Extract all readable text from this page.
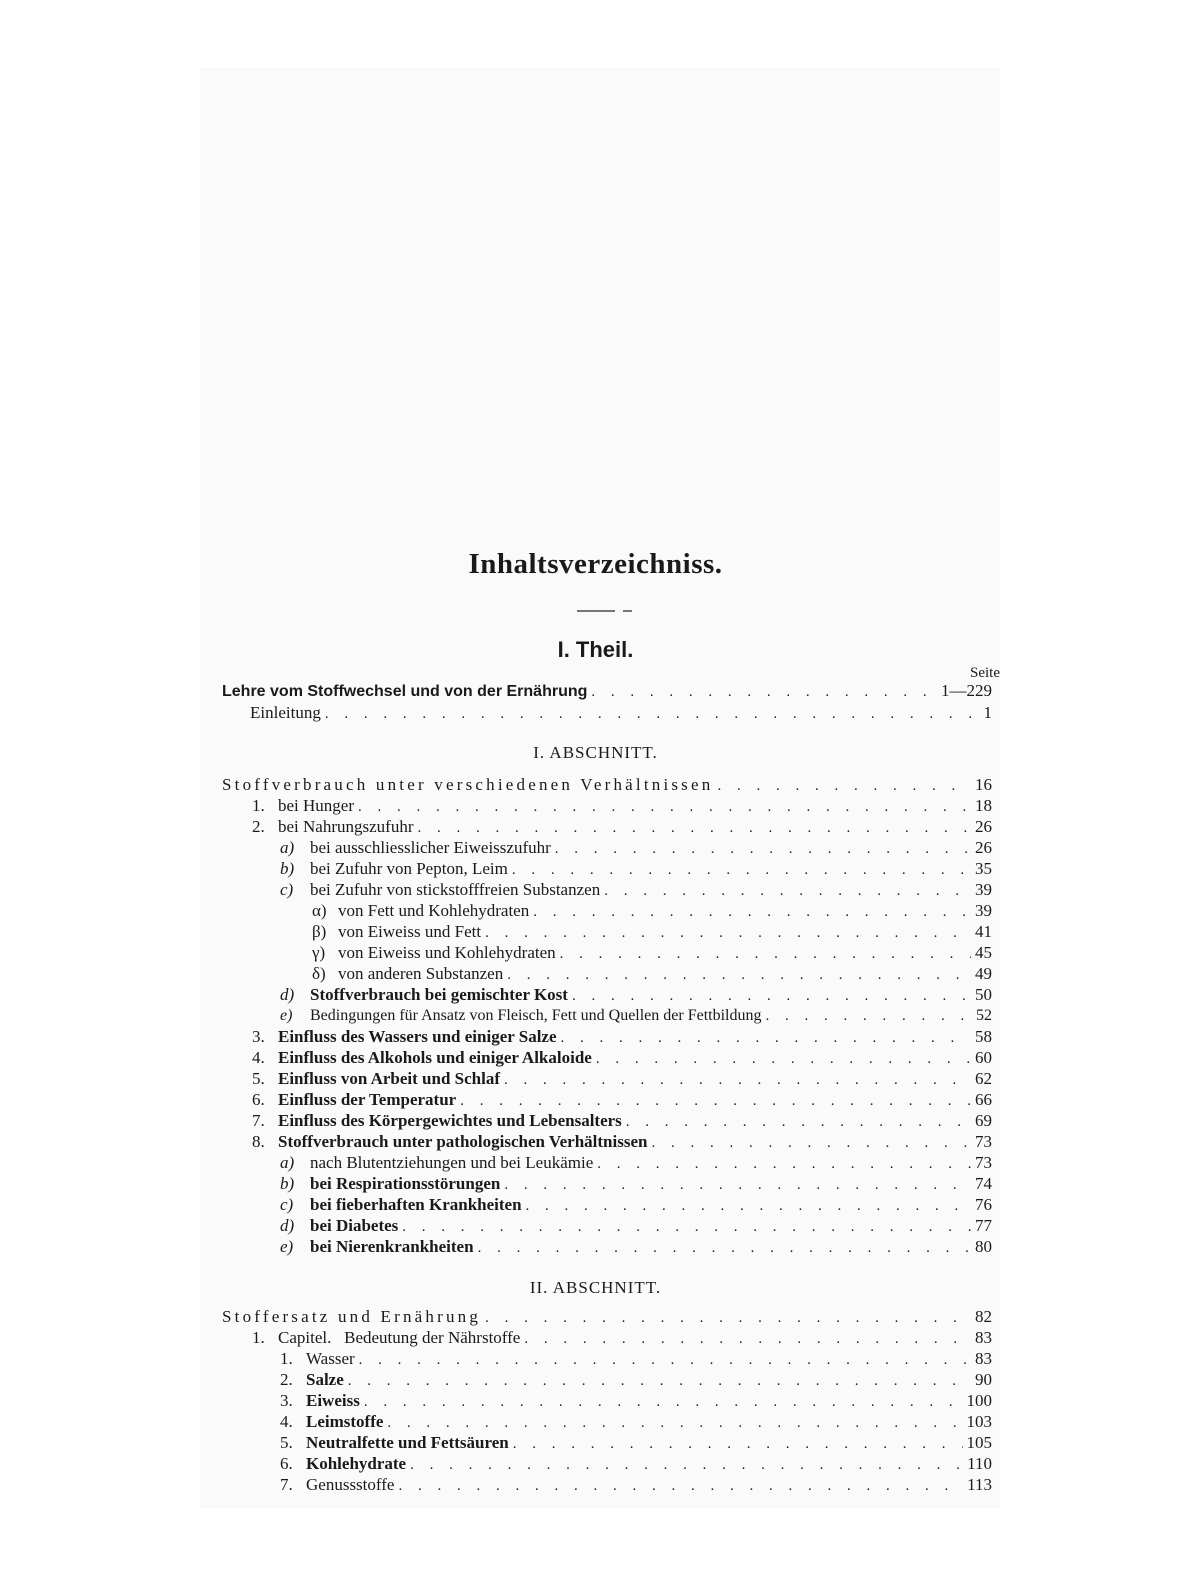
Inhaltsverzeichniss.
I. Theil.
Seite
Lehre vom Stoffwechsel und von der Ernährung . . .	1—229
Einleitung . . .	1
I. ABSCHNITT.
Stoffverbrauch unter verschiedenen Verhältnissen . . .	16
1. bei Hunger . . .	18
2. bei Nahrungszufuhr . . .	26
a) bei ausschliesslicher Eiweisszufuhr . . .	26
b) bei Zufuhr von Pepton, Leim . . .	35
c) bei Zufuhr von stickstofffreien Substanzen . . .	39
α) von Fett und Kohlehydraten . . .	39
β) von Eiweiss und Fett . . .	41
γ) von Eiweiss und Kohlehydraten . . .	45
δ) von anderen Substanzen . . .	49
d) Stoffverbrauch bei gemischter Kost . . .	50
e) Bedingungen für Ansatz von Fleisch, Fett und Quellen der Fettbildung . . .	52
3. Einfluss des Wassers und einiger Salze . . .	58
4. Einfluss des Alkohols und einiger Alkaloide . . .	60
5. Einfluss von Arbeit und Schlaf . . .	62
6. Einfluss der Temperatur . . .	66
7. Einfluss des Körpergewichtes und Lebensalters . . .	69
8. Stoffverbrauch unter pathologischen Verhältnissen . . .	73
a) nach Blutentziehungen und bei Leukämie . . .	73
b) bei Respirationsstörungen . . .	74
c) bei fieberhaften Krankheiten . . .	76
d) bei Diabetes . . .	77
e) bei Nierenkrankheiten . . .	80
II. ABSCHNITT.
Stoffersatz und Ernährung . . .	82
1. Capitel. Bedeutung der Nährstoffe . . .	83
1. Wasser . . .	83
2. Salze . . .	90
3. Eiweiss . . .	100
4. Leimstoffe . . .	103
5. Neutralfette und Fettsäuren . . .	105
6. Kohlehydrate . . .	110
7. Genussstoffe . . .	113
